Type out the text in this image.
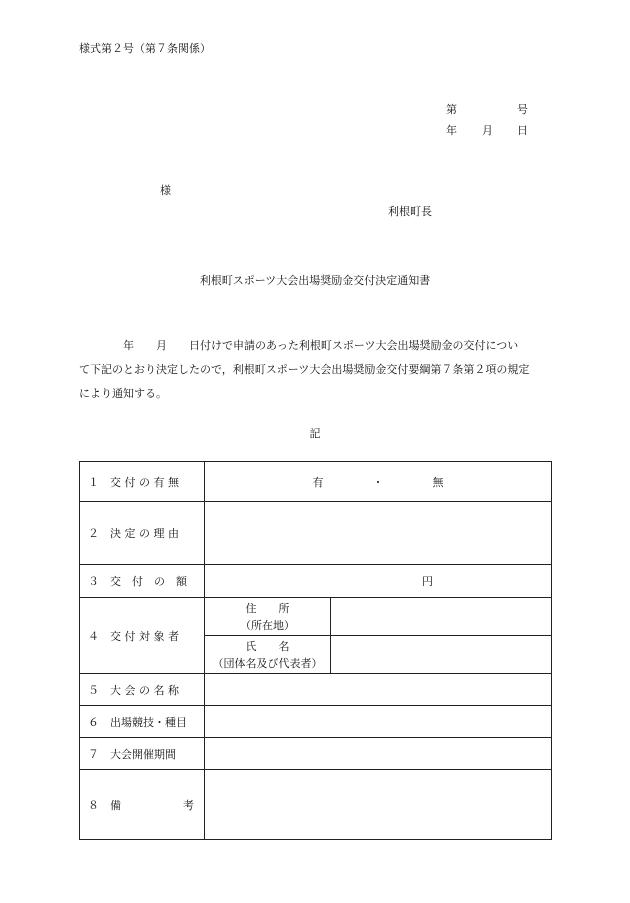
様式第２号（第７条関係）
第	号
年 月 日
様
利根町長
利根町スポーツ大会出場奨励金交付決定通知書
　　　　年　　月　　日付けで申請のあった利根町スポーツ大会出場奨励金の交付につい
て下記のとおり決定したので，利根町スポーツ大会出場奨励金交付要綱第７条第２項の規定
により通知する。
記
１　交 付 の 有 無	有 ・ 無	

２　決 定 の 理 由		
３　交　付　の　額	円	
４　交 付 対 象 者	住　　所
（所在地）	

	氏　　名
（団体名及び代表者）	

５　大 会 の 名 称		
６　出場競技・種目		
７　大会開催期間		

８　 備 考		
